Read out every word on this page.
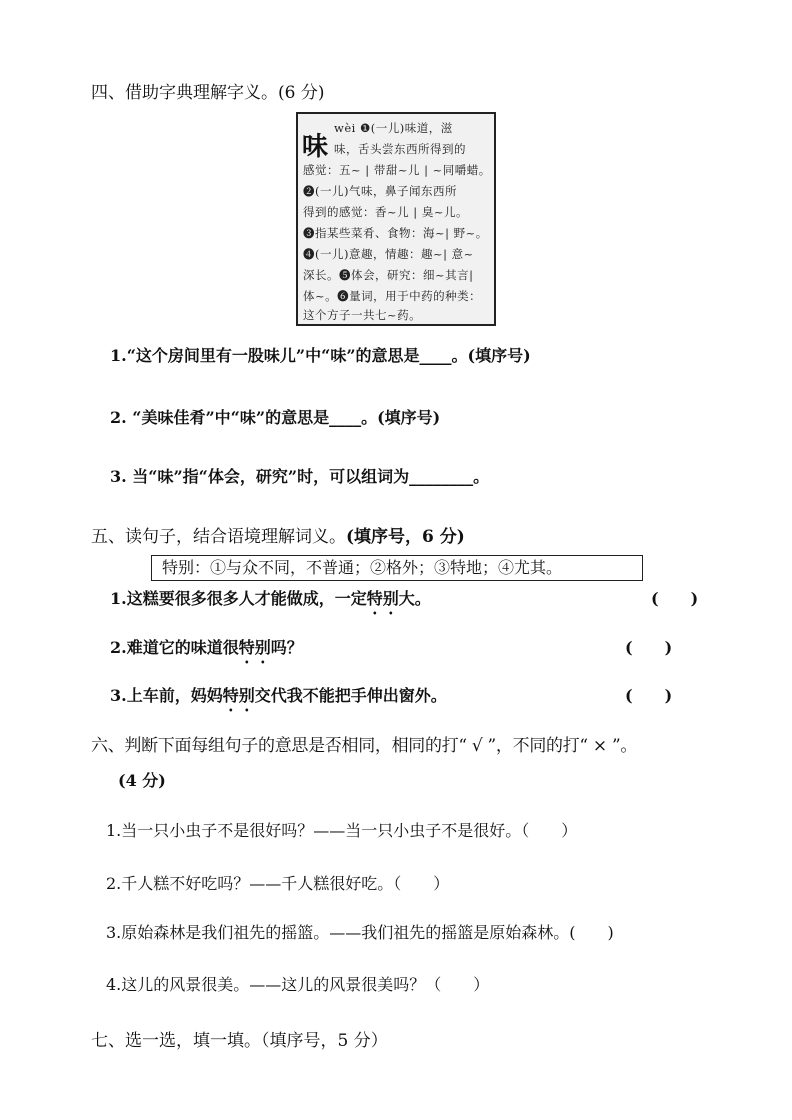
四、借助字典理解字义。(6 分)
味
wèi ❶(一儿)味道，滋
味，舌头尝东西所得到的
感觉：五~ | 带甜~儿 | ~同嚼蜡。
❷(一儿)气味，鼻子闻东西所
得到的感觉：香~儿 | 臭~儿。
❸指某些菜肴、食物：海~| 野~。
❹(一儿)意趣，情趣：趣~| 意~
深长。❺体会，研究：细~其言|
体~。❻量词，用于中药的种类：
这个方子一共七~药。
1.“这个房间里有一股味儿”中“味”的意思是____。(填序号)
2. “美味佳肴”中“味”的意思是____。(填序号)
3. 当“味”指“体会，研究”时，可以组词为________。
五、读句子，结合语境理解词义。(填序号，6 分)
特别：①与众不同，不普通；②格外；③特地；④尤其。
1.这糕要很多很多人才能做成，一定特别大。	(　　)
2.难道它的味道很特别吗？	(　　)
3.上车前，妈妈特别交代我不能把手伸出窗外。	(　　)
六、判断下面每组句子的意思是否相同，相同的打“ √ ”，不同的打“ × ”。
(4 分)
1.当一只小虫子不是很好吗？——当一只小虫子不是很好。（　　）
2.千人糕不好吃吗？——千人糕很好吃。（　　）
3.原始森林是我们祖先的摇篮。——我们祖先的摇篮是原始森林。(　　)
4.这儿的风景很美。——这儿的风景很美吗？（　　）
七、选一选，填一填。（填序号，5 分）
